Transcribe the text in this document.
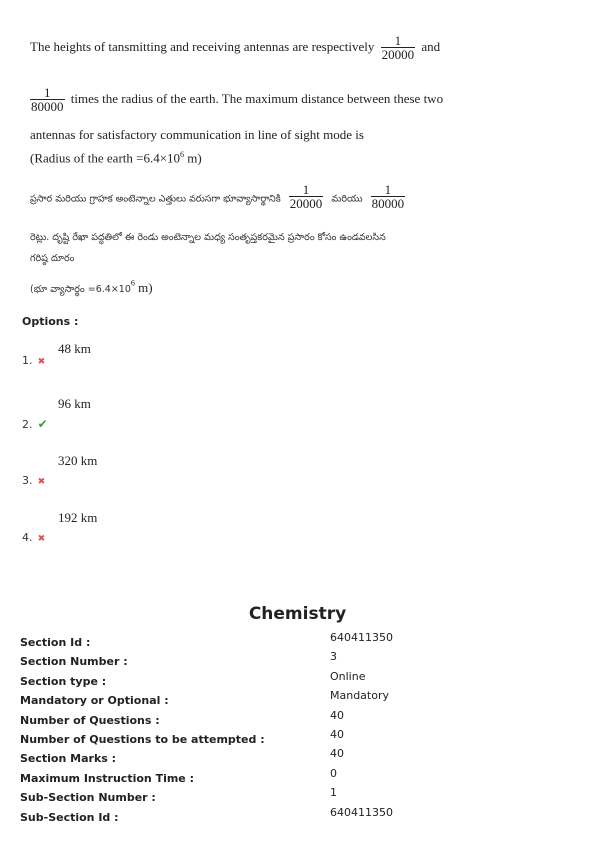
The heights of tansmitting and receiving antennas are respectively $\frac{1}{20000}$ and
$\frac{1}{80000}$ times the radius of the earth. The maximum distance between these two
antennas for satisfactory communication in line of sight mode is
(Radius of the earth $=6.4\times 10^6$ m)
ప్రసార మరియు గ్రాహక అంటెన్నాల ఎత్తులు వరుసగా భూవ్యాసార్థానికి $\frac{1}{20000}$ మరియు $\frac{1}{80000}$
రెట్లు. దృష్టి రేఖా పద్ధతిలో ఈ రెండు అంటెన్నాల మధ్య సంతృప్తకరమైన ప్రసారం కోసం ఉండవలసిన
గరిష్ఠ దూరం
(భూ వ్యాసార్థం $=6.4\times 10^6$ m)
Options :
48 km
1. ✖
96 km
2. ✔
320 km
3. ✖
192 km
4. ✖
Chemistry
Section Id :	640411350
Section Number :	3
Section type :	Online
Mandatory or Optional :	Mandatory
Number of Questions :	40
Number of Questions to be attempted :	40
Section Marks :	40
Maximum Instruction Time :	0
Sub-Section Number :	1
Sub-Section Id :	640411350
